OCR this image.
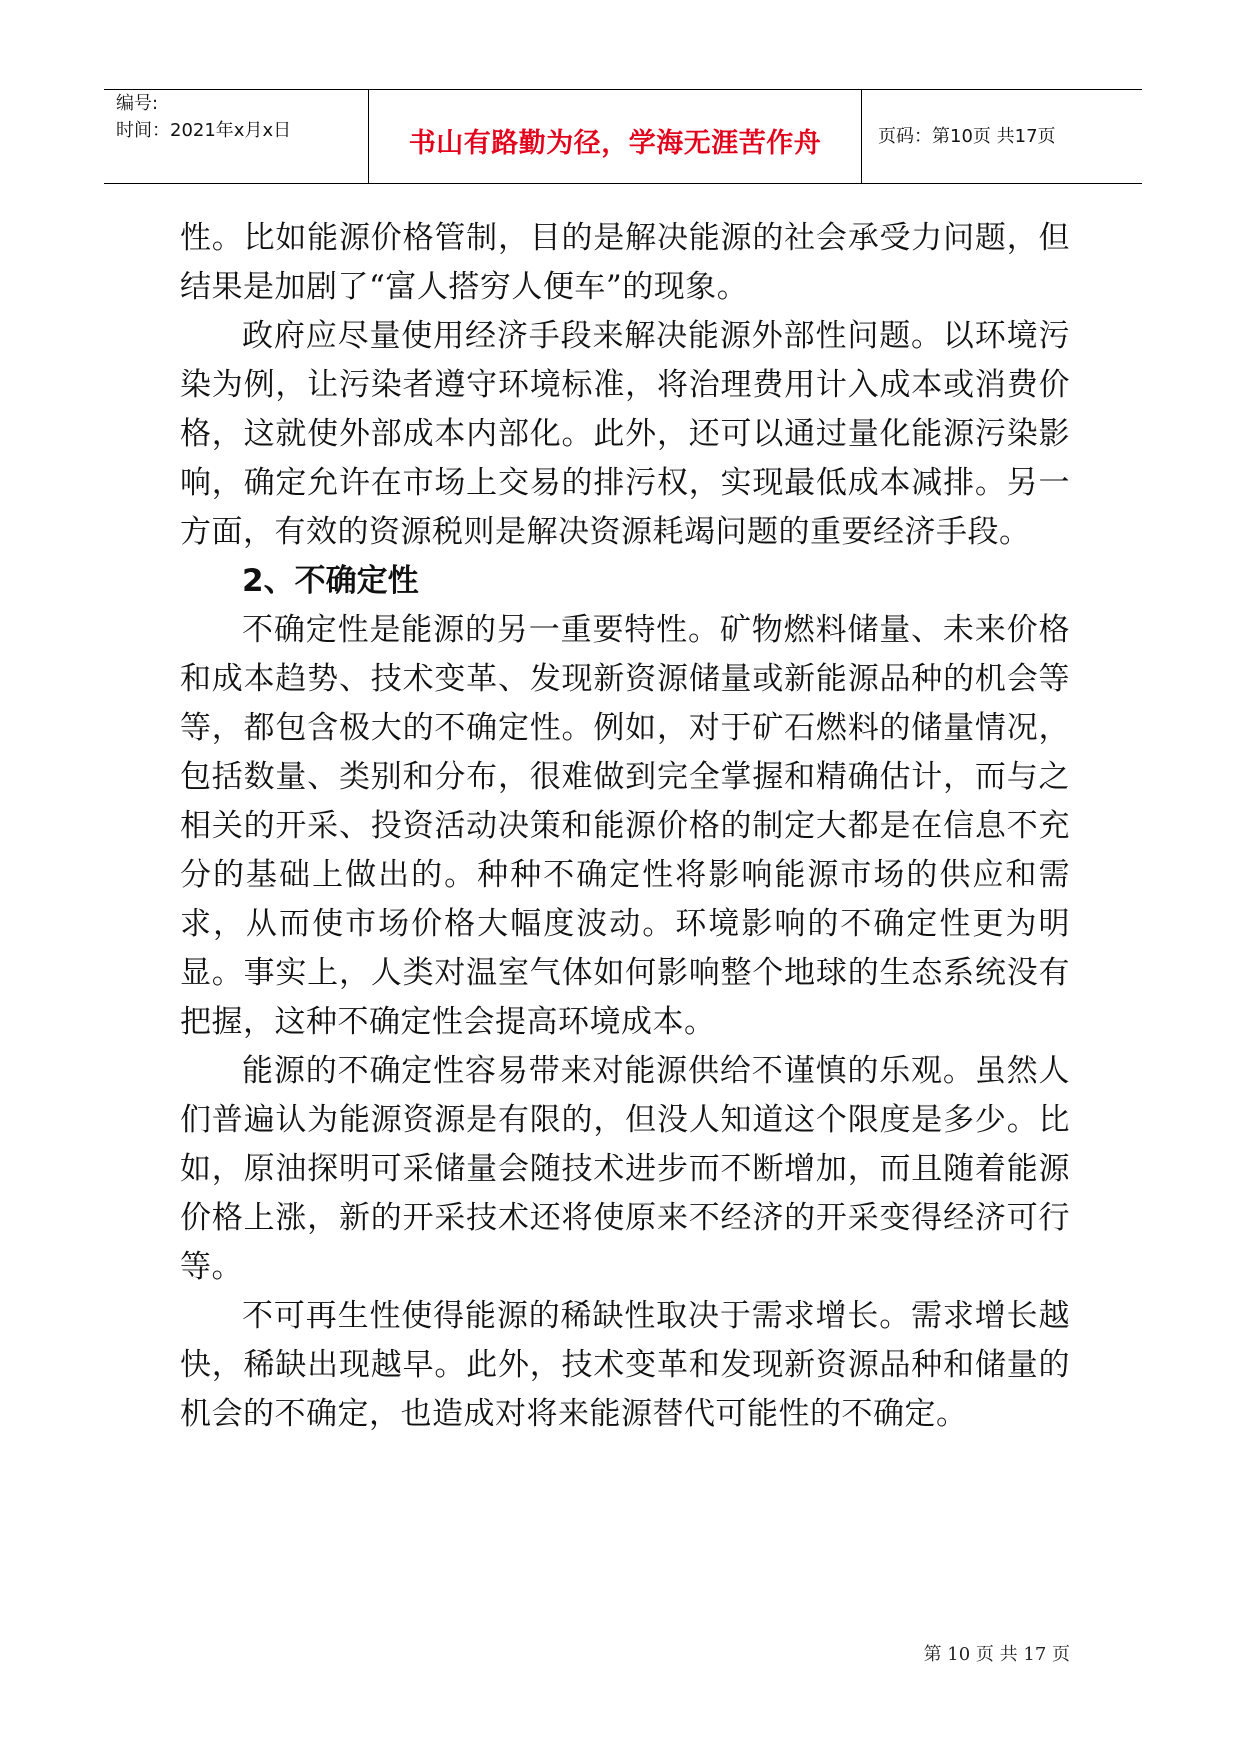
编号:
时间：2021年x月x日	书山有路勤为径，学海无涯苦作舟	页码：第10页 共17页

性。比如能源价格管制，目的是解决能源的社会承受力问题，但结果是加剧了“富人搭穷人便车”的现象。

政府应尽量使用经济手段来解决能源外部性问题。以环境污染为例，让污染者遵守环境标准，将治理费用计入成本或消费价格，这就使外部成本内部化。此外，还可以通过量化能源污染影响，确定允许在市场上交易的排污权，实现最低成本减排。另一方面，有效的资源税则是解决资源耗竭问题的重要经济手段。

2、不确定性

不确定性是能源的另一重要特性。矿物燃料储量、未来价格和成本趋势、技术变革、发现新资源储量或新能源品种的机会等等，都包含极大的不确定性。例如，对于矿石燃料的储量情况，包括数量、类别和分布，很难做到完全掌握和精确估计，而与之相关的开采、投资活动决策和能源价格的制定大都是在信息不充分的基础上做出的。种种不确定性将影响能源市场的供应和需求，从而使市场价格大幅度波动。环境影响的不确定性更为明显。事实上，人类对温室气体如何影响整个地球的生态系统没有把握，这种不确定性会提高环境成本。

能源的不确定性容易带来对能源供给不谨慎的乐观。虽然人们普遍认为能源资源是有限的，但没人知道这个限度是多少。比如，原油探明可采储量会随技术进步而不断增加，而且随着能源价格上涨，新的开采技术还将使原来不经济的开采变得经济可行等。

不可再生性使得能源的稀缺性取决于需求增长。需求增长越快，稀缺出现越早。此外，技术变革和发现新资源品种和储量的机会的不确定，也造成对将来能源替代可能性的不确定。

第 10 页 共 17 页
